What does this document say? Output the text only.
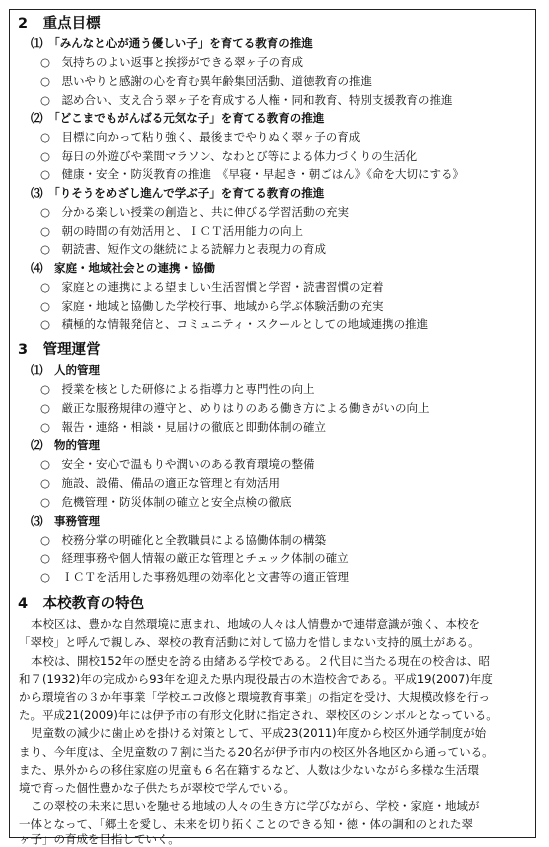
2　重点目標
⑴　「みんなと心が通う優しい子」を育てる教育の推進
○　気持ちのよい返事と挨拶ができる翠ヶ子の育成
○　思いやりと感謝の心を育む異年齢集団活動、道徳教育の推進
○　認め合い、支え合う翠ヶ子を育成する人権・同和教育、特別支援教育の推進
⑵　「どこまでもがんばる元気な子」を育てる教育の推進
○　目標に向かって粘り強く、最後までやりぬく翠ヶ子の育成
○　毎日の外遊びや業間マラソン、なわとび等による体力づくりの生活化
○　健康・安全・防災教育の推進　《早寝・早起き・朝ごはん》《命を大切にする》
⑶　「りそうをめざし進んで学ぶ子」を育てる教育の推進
○　分かる楽しい授業の創造と、共に伸びる学習活動の充実
○　朝の時間の有効活用と、ＩＣＴ活用能力の向上
○　朝読書、短作文の継続による読解力と表現力の育成
⑷　家庭・地域社会との連携・協働
○　家庭との連携による望ましい生活習慣と学習・読書習慣の定着
○　家庭・地域と協働した学校行事、地域から学ぶ体験活動の充実
○　積極的な情報発信と、コミュニティ・スクールとしての地域連携の推進
3　管理運営
⑴　人的管理
○　授業を核とした研修による指導力と専門性の向上
○　厳正な服務規律の遵守と、めりはりのある働き方による働きがいの向上
○　報告・連絡・相談・見届けの徹底と即動体制の確立
⑵　物的管理
○　安全・安心で温もりや潤いのある教育環境の整備
○　施設、設備、備品の適正な管理と有効活用
○　危機管理・防災体制の確立と安全点検の徹底
⑶　事務管理
○　校務分掌の明確化と全教職員による協働体制の構築
○　経理事務や個人情報の厳正な管理とチェック体制の確立
○　ＩＣＴを活用した事務処理の効率化と文書等の適正管理
4　本校教育の特色
本校区は、豊かな自然環境に恵まれ、地域の人々は人情豊かで連帯意識が強く、本校を
「翠校」と呼んで親しみ、翠校の教育活動に対して協力を惜しまない支持的風土がある。
本校は、開校152年の歴史を誇る由緒ある学校である。２代目に当たる現在の校舎は、昭
和７(1932)年の完成から93年を迎えた県内現役最古の木造校舎である。平成19(2007)年度
から環境省の３か年事業「学校エコ改修と環境教育事業」の指定を受け、大規模改修を行っ
た。平成21(2009)年には伊予市の有形文化財に指定され、翠校区のシンボルとなっている。
児童数の減少に歯止めを掛ける対策として、平成23(2011)年度から校区外通学制度が始
まり、今年度は、全児童数の７割に当たる20名が伊予市内の校区外各地区から通っている。
また、県外からの移住家庭の児童も６名在籍するなど、人数は少ないながら多様な生活環
境で育った個性豊かな子供たちが翠校で学んでいる。
この翠校の未来に思いを馳せる地域の人々の生き方に学びながら、学校・家庭・地域が
一体となって、「郷土を愛し、未来を切り拓くことのできる知・徳・体の調和のとれた翠
ヶ子」の育成を目指していく。
